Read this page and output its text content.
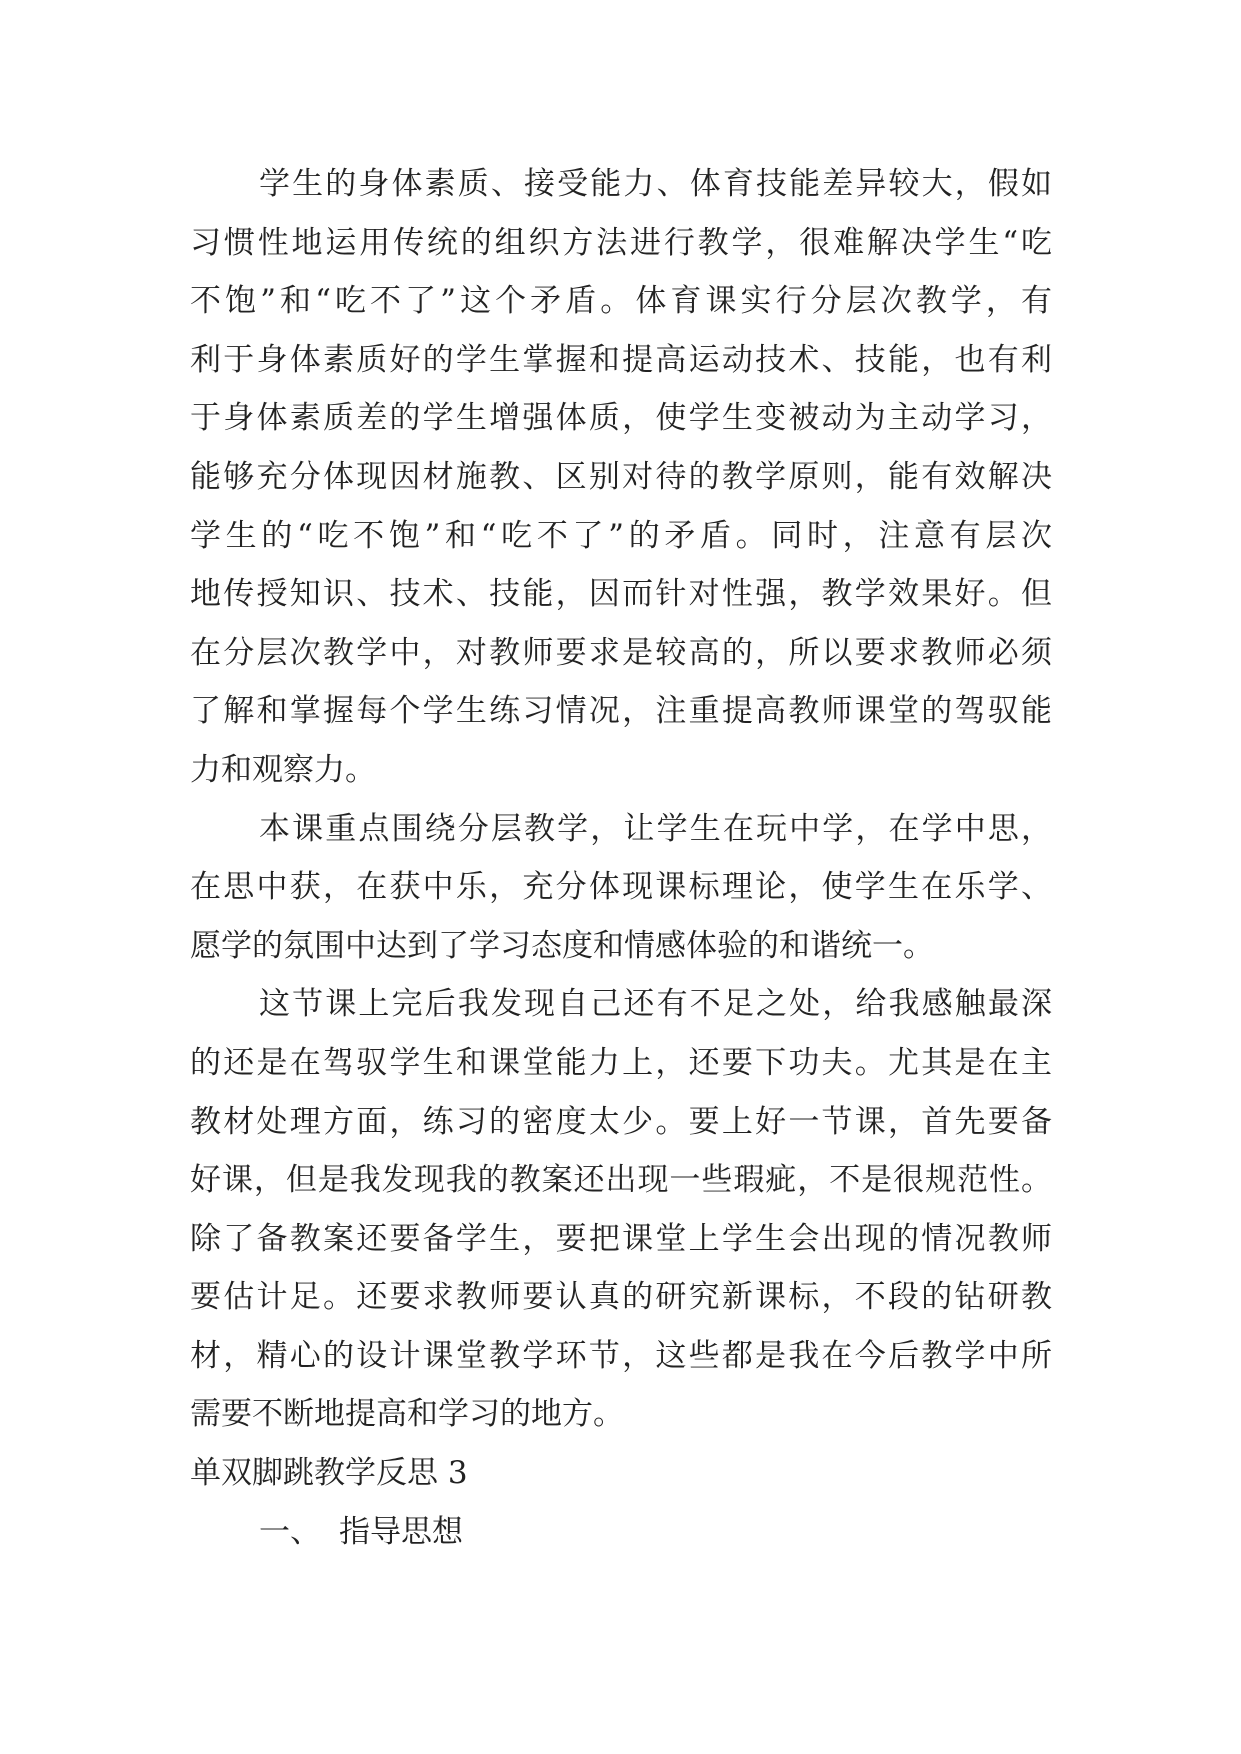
学生的身体素质、接受能力、体育技能差异较大，假如
习惯性地运用传统的组织方法进行教学，很难解决学生“吃
不饱”和“吃不了”这个矛盾。体育课实行分层次教学，有
利于身体素质好的学生掌握和提高运动技术、技能，也有利
于身体素质差的学生增强体质，使学生变被动为主动学习，
能够充分体现因材施教、区别对待的教学原则，能有效解决
学生的“吃不饱”和“吃不了”的矛盾。同时，注意有层次
地传授知识、技术、技能，因而针对性强，教学效果好。但
在分层次教学中，对教师要求是较高的，所以要求教师必须
了解和掌握每个学生练习情况，注重提高教师课堂的驾驭能
力和观察力。
本课重点围绕分层教学，让学生在玩中学，在学中思，
在思中获，在获中乐，充分体现课标理论，使学生在乐学、
愿学的氛围中达到了学习态度和情感体验的和谐统一。
这节课上完后我发现自己还有不足之处，给我感触最深
的还是在驾驭学生和课堂能力上，还要下功夫。尤其是在主
教材处理方面，练习的密度太少。要上好一节课，首先要备
好课，但是我发现我的教案还出现一些瑕疵，不是很规范性。
除了备教案还要备学生，要把课堂上学生会出现的情况教师
要估计足。还要求教师要认真的研究新课标，不段的钻研教
材，精心的设计课堂教学环节，这些都是我在今后教学中所
需要不断地提高和学习的地方。
单双脚跳教学反思 3
一、 指导思想
